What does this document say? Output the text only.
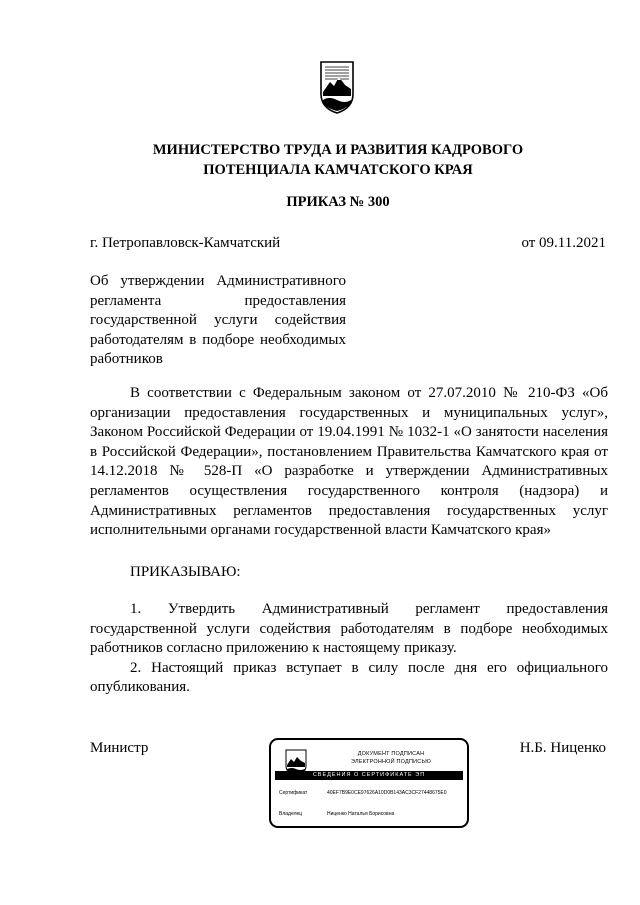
МИНИСТЕРСТВО ТРУДА И РАЗВИТИЯ КАДРОВОГО
ПОТЕНЦИАЛА КАМЧАТСКОГО КРАЯ
ПРИКАЗ № 300
г. Петропавловск-Камчатский	от 09.11.2021
Об утверждении Административного регламента предоставления государственной услуги содействия работодателям в подборе необходимых работников

В соответствии с Федеральным законом от 27.07.2010 № 210-ФЗ «Об организации предоставления государственных и муниципальных услуг», Законом Российской Федерации от 19.04.1991 № 1032-1 «О занятости населения в Российской Федерации», постановлением Правительства Камчатского края от 14.12.2018 № 528-П «О разработке и утверждении Административных регламентов осуществления государственного контроля (надзора) и Административных регламентов предоставления государственных услуг исполнительными органами государственной власти Камчатского края»

ПРИКАЗЫВАЮ:

1. Утвердить Административный регламент предоставления государственной услуги содействия работодателям в подборе необходимых работников согласно приложению к настоящему приказу.

2. Настоящий приказ вступает в силу после дня его официального опубликования.

Министр	Н.Б. Ниценко
ДОКУМЕНТ ПОДПИСАН
ЭЛЕКТРОННОЙ ПОДПИСЬЮ
СВЕДЕНИЯ О СЕРТИФИКАТЕ ЭП
Сертификат	40EF7B9E0CE97626A10D0B143AC3CF27448675E0
Владелец	Ниценко Наталья Борисовна
